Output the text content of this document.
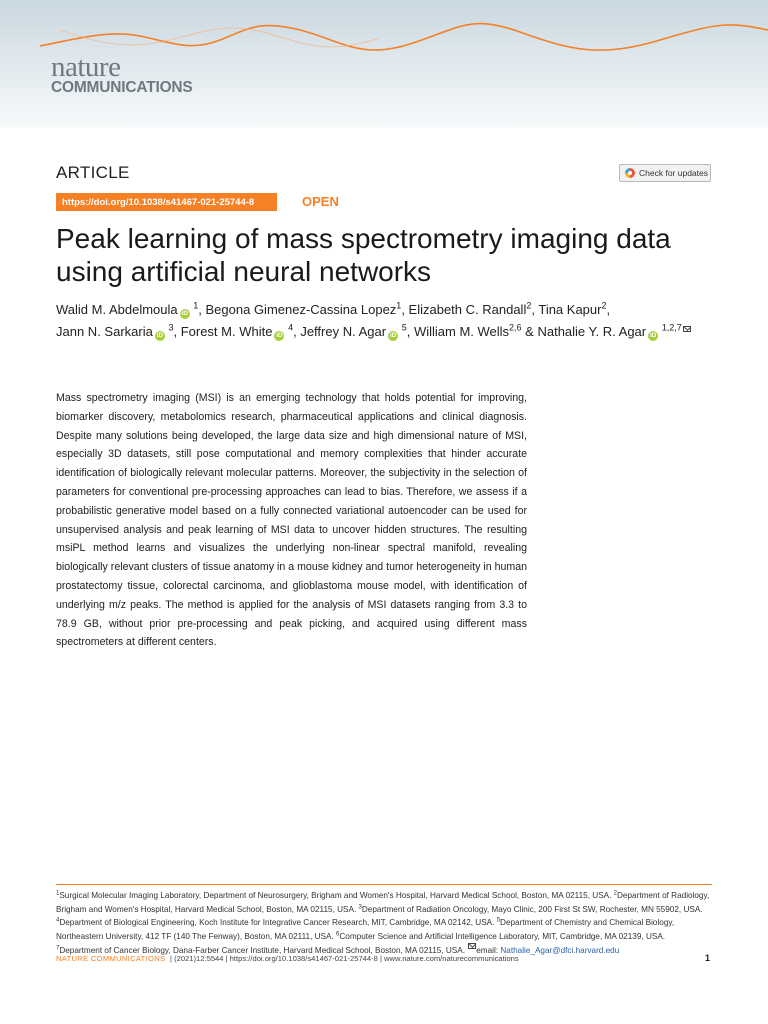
nature

COMMUNICATIONS

ARTICLE	Check for updates
https://doi.org/10.1038/s41467-021-25744-8	OPEN

Peak learning of mass spectrometry imaging data
using artificial neural networks
Walid M. Abdelmoula iD $^1$, Begona Gimenez-Cassina Lopez$^1$, Elizabeth C. Randall$^2$, Tina Kapur$^2$,
Jann N. Sarkaria iD $^3$, Forest M. White iD $^4$, Jeffrey N. Agar iD $^5$, William M. Wells$^{2,6}$ & Nathalie Y. R. Agar iD $^{1,2,7}$

Mass spectrometry imaging (MSI) is an emerging technology that holds potential for improving, biomarker discovery, metabolomics research, pharmaceutical applications and clinical diagnosis. Despite many solutions being developed, the large data size and high dimensional nature of MSI, especially 3D datasets, still pose computational and memory complexities that hinder accurate identification of biologically relevant molecular patterns. Moreover, the subjectivity in the selection of parameters for conventional pre-processing approaches can lead to bias. Therefore, we assess if a probabilistic generative model based on a fully connected variational autoencoder can be used for unsupervised analysis and peak learning of MSI data to uncover hidden structures. The resulting msiPL method learns and visualizes the underlying non-linear spectral manifold, revealing biologically relevant clusters of tissue anatomy in a mouse kidney and tumor heterogeneity in human prostatectomy tissue, colorectal carcinoma, and glioblastoma mouse model, with identification of underlying m/z peaks. The method is applied for the analysis of MSI datasets ranging from 3.3 to 78.9 GB, without prior pre-processing and peak picking, and acquired using different mass spectrometers at different centers.

$^1$Surgical Molecular Imaging Laboratory, Department of Neurosurgery, Brigham and Women's Hospital, Harvard Medical School, Boston, MA 02115, USA. $^2$Department of Radiology, Brigham and Women's Hospital, Harvard Medical School, Boston, MA 02115, USA. $^3$Department of Radiation Oncology, Mayo Clinic, 200 First St SW, Rochester, MN 55902, USA. $^4$Department of Biological Engineering, Koch Institute for Integrative Cancer Research, MIT, Cambridge, MA 02142, USA. $^5$Department of Chemistry and Chemical Biology, Northeastern University, 412 TF (140 The Fenway), Boston, MA 02111, USA. $^6$Computer Science and Artificial Intelligence Laboratory, MIT, Cambridge, MA 02139, USA. $^7$Department of Cancer Biology, Dana-Farber Cancer Institute, Harvard Medical School, Boston, MA 02115, USA. email: Nathalie_Agar@dfci.harvard.edu

NATURE COMMUNICATIONS | (2021)12:5544 | https://doi.org/10.1038/s41467-021-25744-8 | www.nature.com/naturecommunications	1
